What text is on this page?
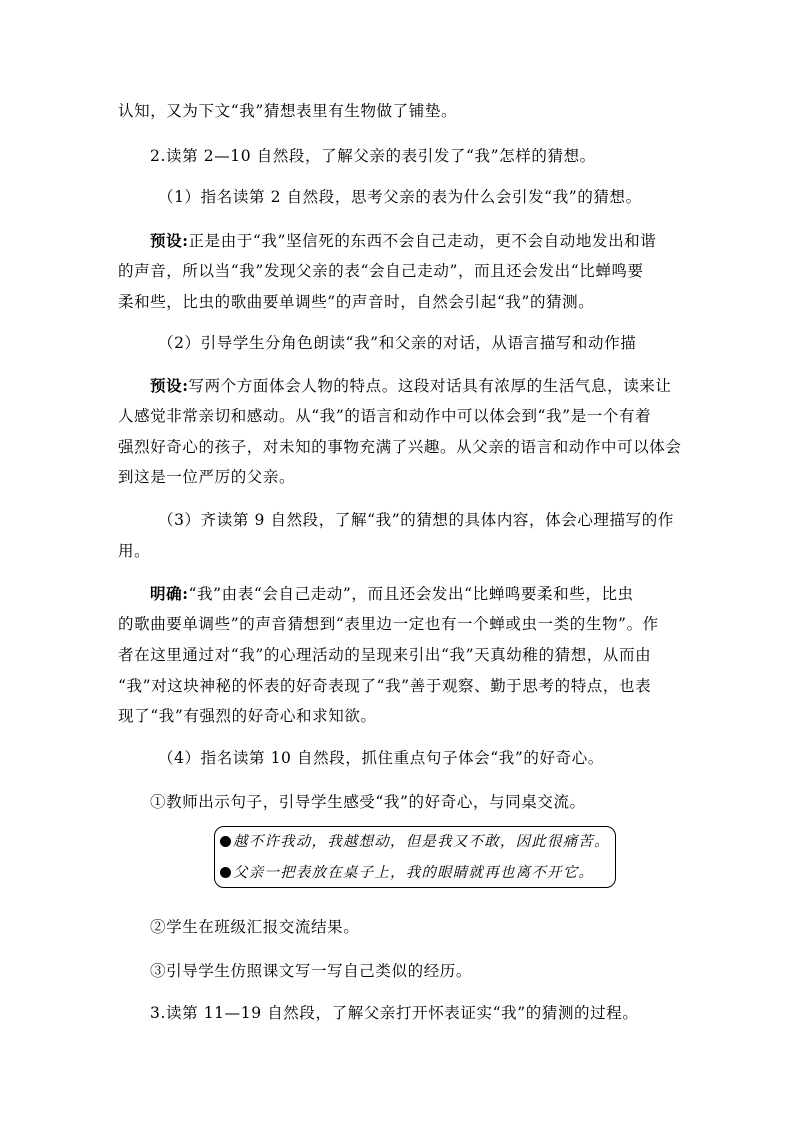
认知，又为下文“我”猜想表里有生物做了铺垫。
2.读第 2—10 自然段，了解父亲的表引发了“我”怎样的猜想。
（1）指名读第 2 自然段，思考父亲的表为什么会引发“我”的猜想。
预设:正是由于“我”坚信死的东西不会自己走动，更不会自动地发出和谐
的声音，所以当“我”发现父亲的表“会自己走动”，而且还会发出“比蝉鸣要
柔和些，比虫的歌曲要单调些”的声音时，自然会引起“我”的猜测。
（2）引导学生分角色朗读“我”和父亲的对话，从语言描写和动作描
预设:写两个方面体会人物的特点。这段对话具有浓厚的生活气息，读来让
人感觉非常亲切和感动。从“我”的语言和动作中可以体会到“我”是一个有着
强烈好奇心的孩子，对未知的事物充满了兴趣。从父亲的语言和动作中可以体会
到这是一位严厉的父亲。
（3）齐读第 9 自然段，了解“我”的猜想的具体内容，体会心理描写的作
用。
明确:“我”由表“会自己走动”，而且还会发出“比蝉鸣要柔和些，比虫
的歌曲要单调些”的声音猜想到“表里边一定也有一个蝉或虫一类的生物”。作
者在这里通过对“我”的心理活动的呈现来引出“我”天真幼稚的猜想，从而由
“我”对这块神秘的怀表的好奇表现了“我”善于观察、勤于思考的特点，也表
现了“我”有强烈的好奇心和求知欲。
（4）指名读第 10 自然段，抓住重点句子体会“我”的好奇心。
①教师出示句子，引导学生感受“我”的好奇心，与同桌交流。
越不许我动，我越想动，但是我又不敢，因此很痛苦。
父亲一把表放在桌子上，我的眼睛就再也离不开它。
②学生在班级汇报交流结果。
③引导学生仿照课文写一写自己类似的经历。
3.读第 11—19 自然段，了解父亲打开怀表证实“我”的猜测的过程。
